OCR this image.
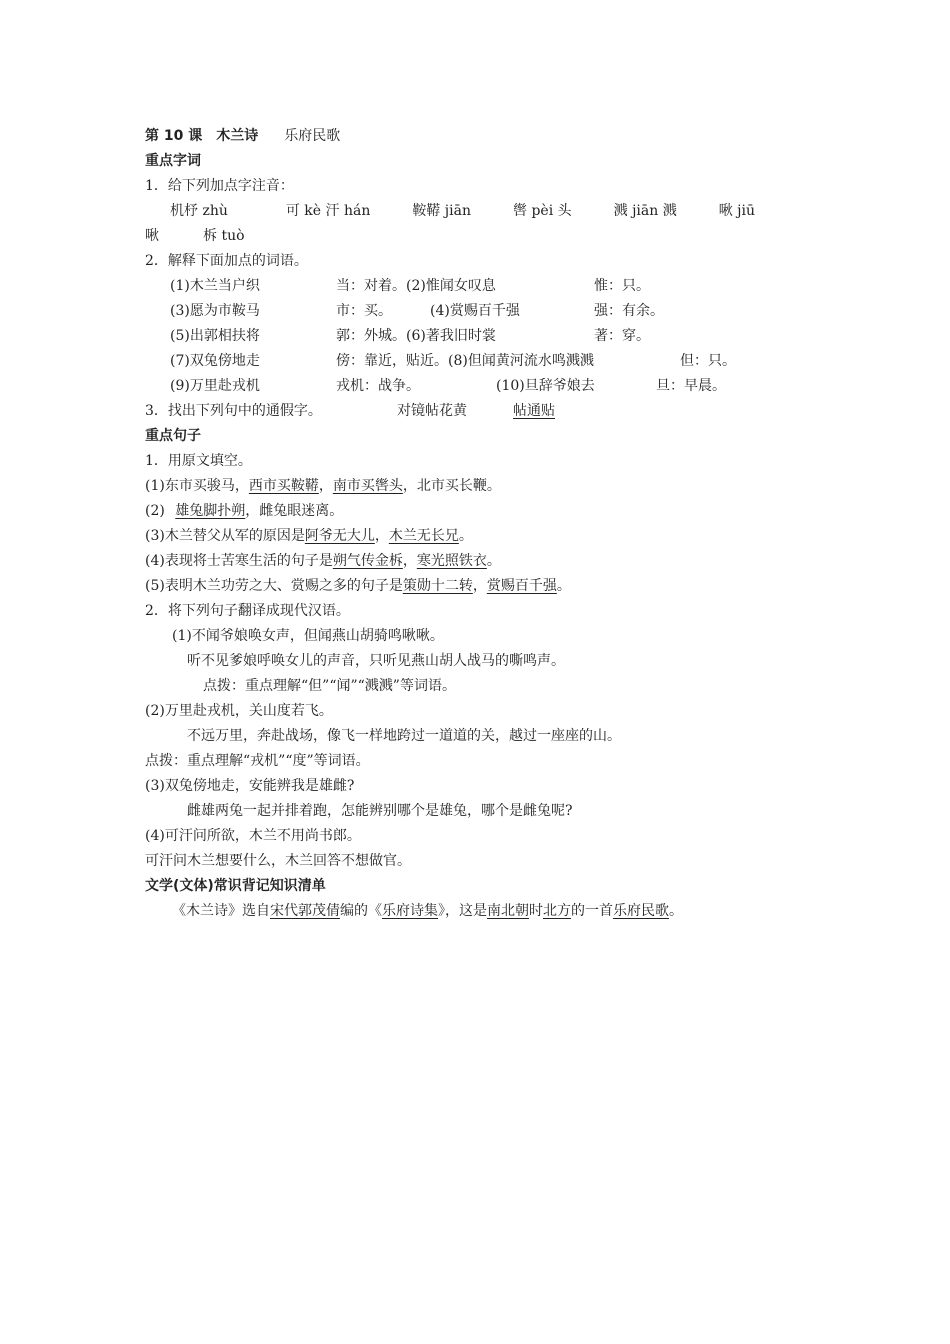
第 10 课 木兰诗 乐府民歌
重点字词
1．给下列加点字注音：
机杼 zhù	可 kè 汗 hán	鞍鞯 jiān	辔 pèi 头	溅 jiān 溅	啾 jiū
啾	柝 tuò
2．解释下面加点的词语。
(1)木兰当户织	当：对着。(2)惟闻女叹息	惟：只。
(3)愿为市鞍马	市：买。	(4)赏赐百千强	强：有余。
(5)出郭相扶将	郭：外城。(6)著我旧时裳	著：穿。
(7)双兔傍地走	傍：靠近，贴近。(8)但闻黄河流水鸣溅溅	但：只。
(9)万里赴戎机	戎机：战争。	(10)旦辞爷娘去	旦：早晨。
3．找出下列句中的通假字。	对镜帖花黄	帖通贴
重点句子
1．用原文填空。
(1)东市买骏马，西市买鞍鞯，南市买辔头，北市买长鞭。
(2) 雄兔脚扑朔，雌兔眼迷离。
(3)木兰替父从军的原因是阿爷无大儿，木兰无长兄。
(4)表现将士苦寒生活的句子是朔气传金柝，寒光照铁衣。
(5)表明木兰功劳之大、赏赐之多的句子是策勋十二转，赏赐百千强。
2．将下列句子翻译成现代汉语。
(1)不闻爷娘唤女声，但闻燕山胡骑鸣啾啾。
听不见爹娘呼唤女儿的声音，只听见燕山胡人战马的嘶鸣声。
点拨：重点理解“但”“闻”“溅溅”等词语。
(2)万里赴戎机，关山度若飞。
不远万里，奔赴战场，像飞一样地跨过一道道的关，越过一座座的山。
点拨：重点理解“戎机”“度”等词语。
(3)双兔傍地走，安能辨我是雄雌?
雌雄两兔一起并排着跑，怎能辨别哪个是雄兔，哪个是雌兔呢?
(4)可汗问所欲，木兰不用尚书郎。
可汗问木兰想要什么，木兰回答不想做官。
文学(文体)常识背记知识清单
《木兰诗》选自宋代郭茂倩编的《乐府诗集》，这是南北朝时北方的一首乐府民歌。
